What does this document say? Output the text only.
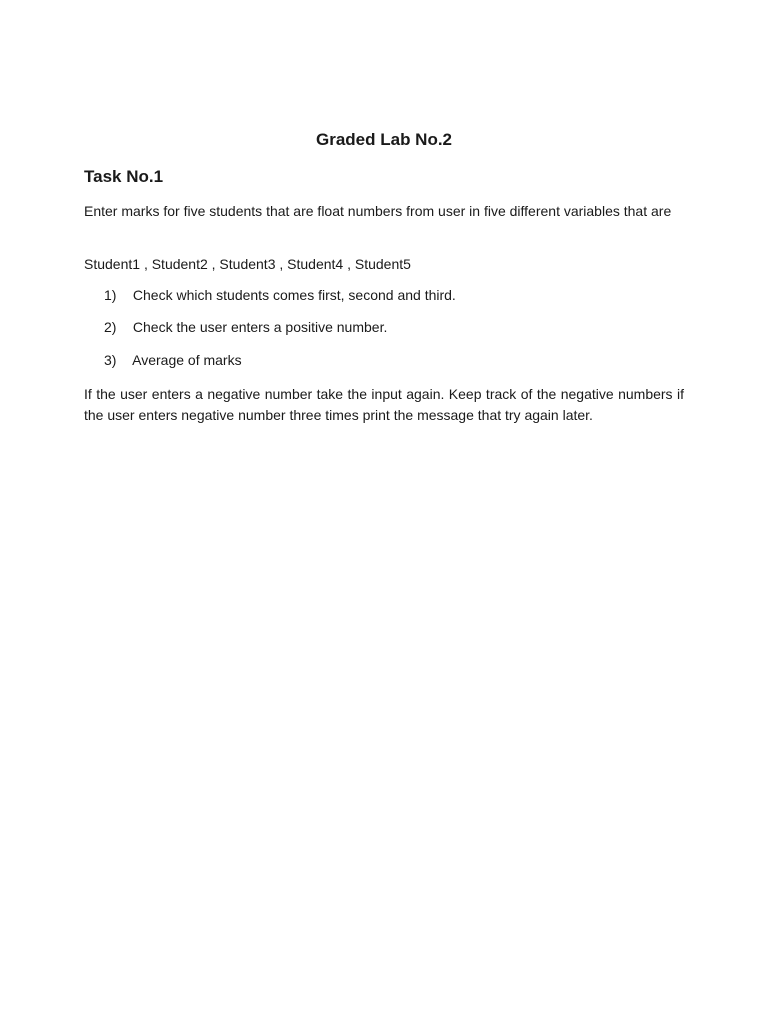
Graded Lab No.2
Task No.1
Enter marks for five students that are float numbers from user in five different variables that are
Student1 , Student2 , Student3 , Student4 , Student5
1) Check which students comes first, second and third.
2) Check the user enters a positive number.
3) Average of marks
If the user enters a negative number take the input again. Keep track of the negative numbers if the user enters negative number three times print the message that try again later.
